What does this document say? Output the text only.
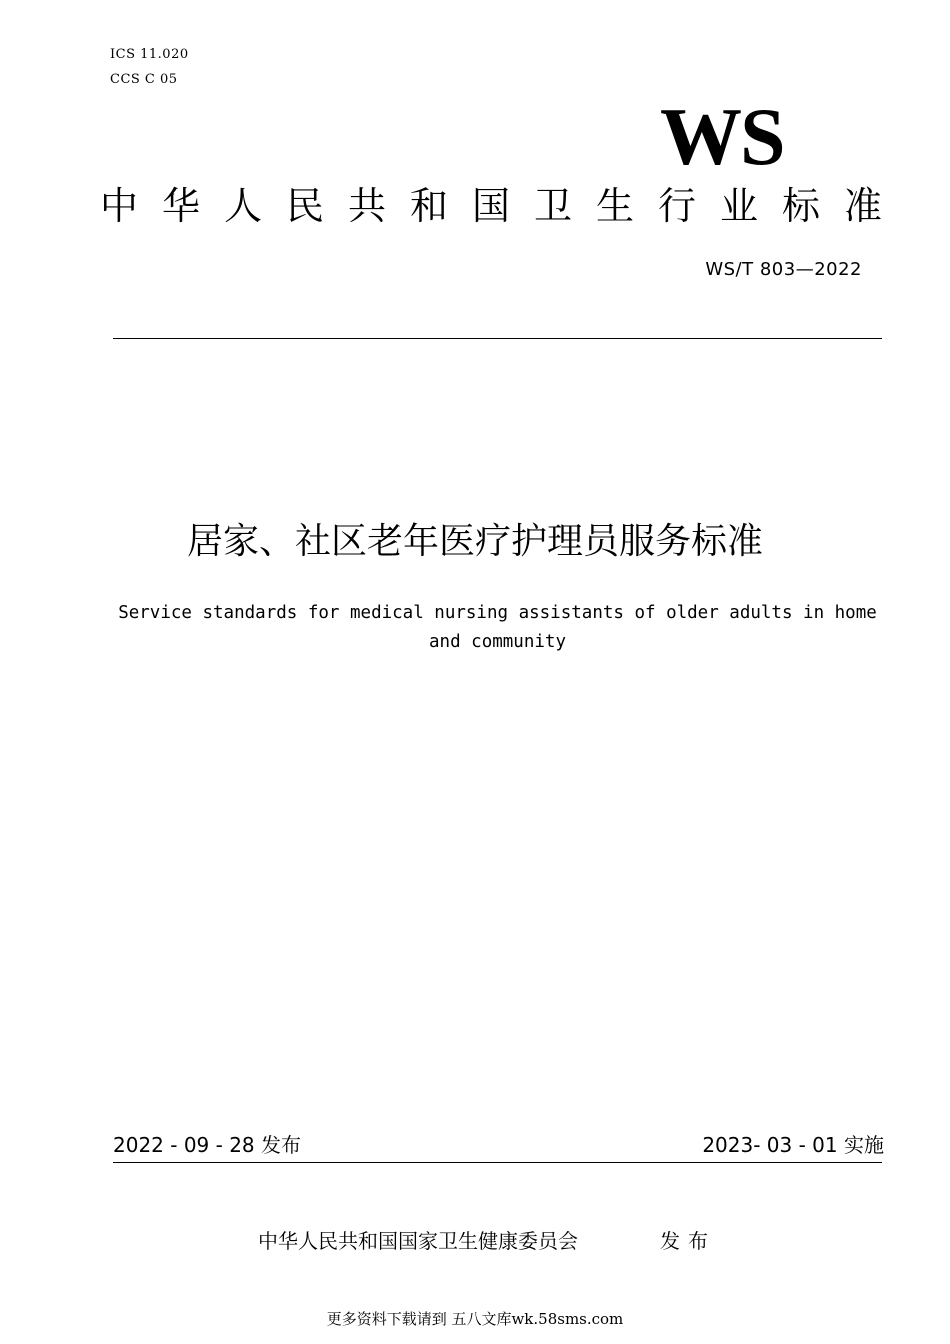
ICS 11.020
CCS C 05
WS
中华人民共和国卫生行业标准
WS/T 803—2022
居家、社区老年医疗护理员服务标准
Service standards for medical nursing assistants of older adults in home and community
2022 - 09 - 28 发布	2023- 03 - 01 实施
中华人民共和国国家卫生健康委员会	发布
更多资料下载请到 五八文库wk.58sms.com
